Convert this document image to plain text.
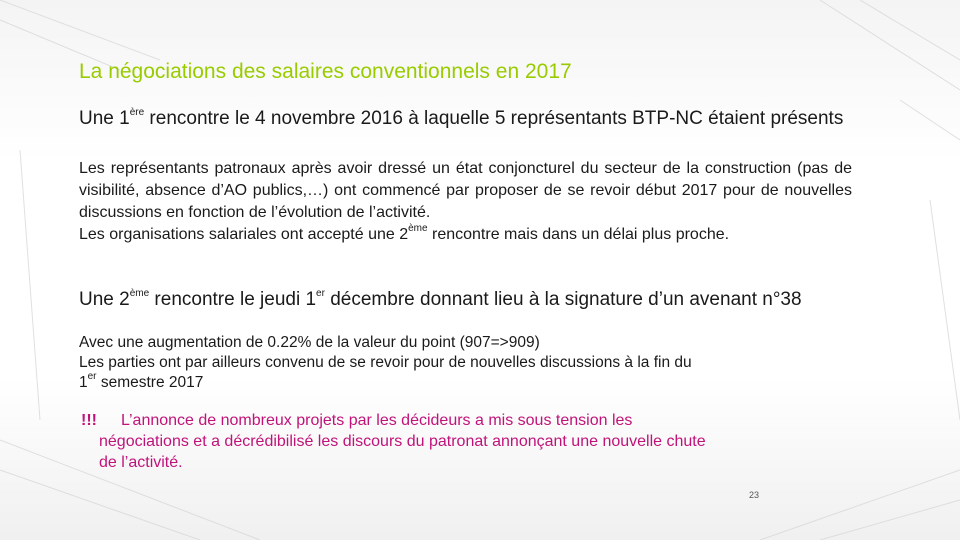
La négociations des salaires conventionnels en 2017
Une 1ère rencontre le 4 novembre 2016 à laquelle 5 représentants BTP-NC étaient présents
Les représentants patronaux après avoir dressé un état conjoncturel du secteur de la construction (pas de visibilité, absence d’AO publics,…) ont commencé par proposer de se revoir début 2017 pour de nouvelles discussions en fonction de l’évolution de l’activité.
Les organisations salariales ont accepté une 2ème rencontre mais dans un délai plus proche.
Une 2ème rencontre le jeudi 1er décembre donnant lieu à la signature d’un avenant n°38
Avec une augmentation de 0.22% de la valeur du point (907=>909)
Les parties ont par ailleurs convenu de se revoir pour de nouvelles discussions à la fin du
1er semestre 2017
!!! L’annonce de nombreux projets par les décideurs a mis sous tension les
négociations et a décrédibilisé les discours du patronat annonçant une nouvelle chute
de l’activité.
23
